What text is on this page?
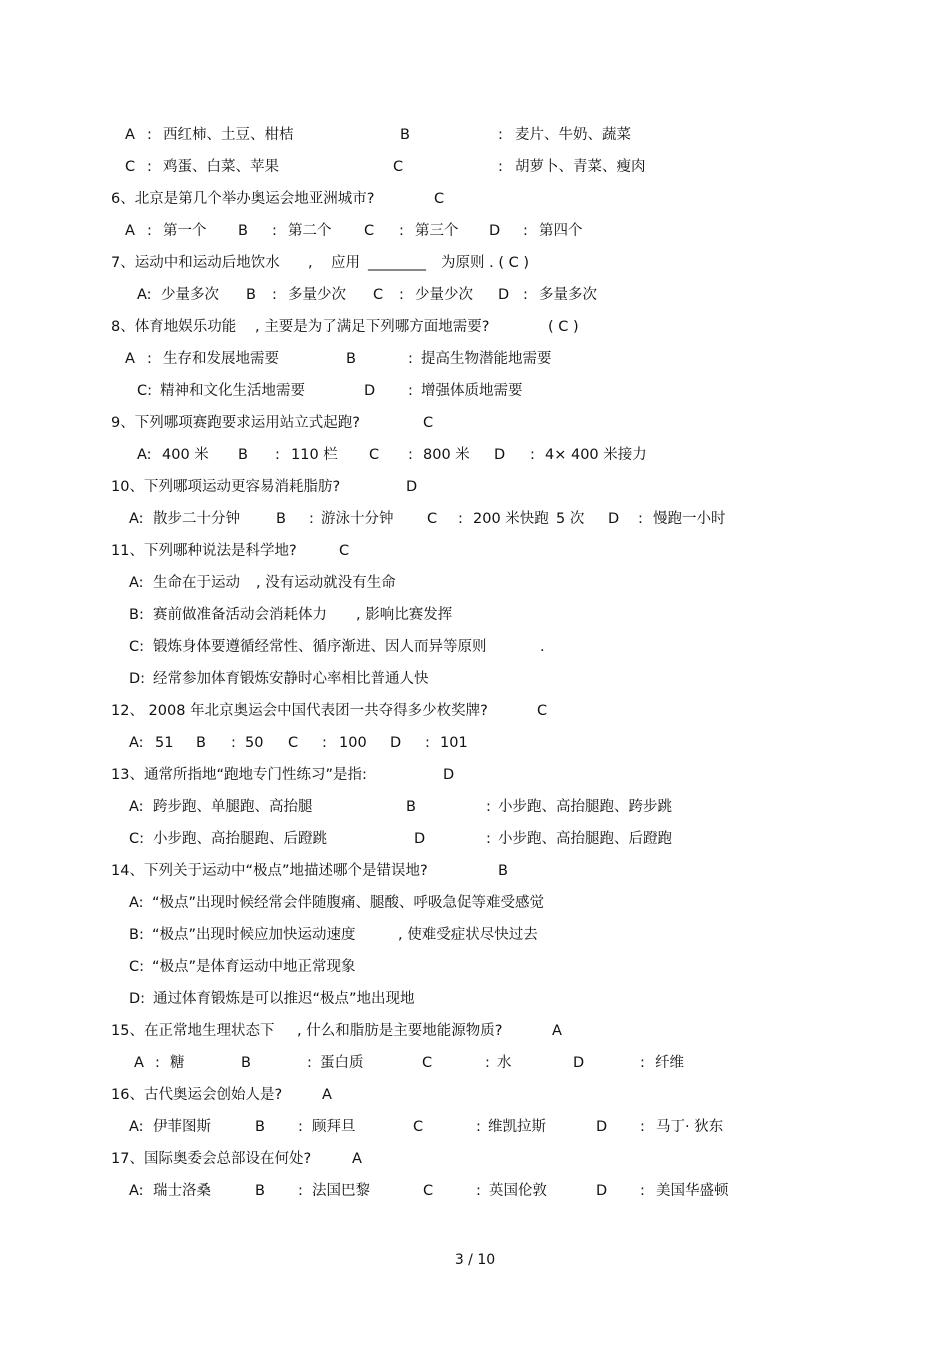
A : 西红柿、土豆、柑桔	B	: 麦片、牛奶、蔬菜
C : 鸡蛋、白菜、苹果	C	: 胡萝卜、青菜、瘦肉
6、北京是第几个举办奥运会地亚洲城市?	C
A : 第一个 B : 第二个 C : 第三个 D : 第四个
7、运动中和运动后地饮水 , 应用 ________ 为原则 . ( C )
A: 少量多次 B : 多量少次 C : 少量少次 D : 多量多次
8、体育地娱乐功能 , 主要是为了满足下列哪方面地需要?	( C )
A : 生存和发展地需要	B	: 提高生物潜能地需要
C: 精神和文化生活地需要	D : 增强体质地需要
9、下列哪项赛跑要求运用站立式起跑?	C
A: 400 米 B : 110 栏 C : 800 米 D : 4× 400 米接力
10、下列哪项运动更容易消耗脂肪?	D
A: 散步二十分钟 B : 游泳十分钟 C : 200 米快跑 5 次 D : 慢跑一小时
11、下列哪种说法是科学地?	C
A: 生命在于运动 , 没有运动就没有生命
B: 赛前做准备活动会消耗体力 , 影响比赛发挥
C: 锻炼身体要遵循经常性、循序渐进、因人而异等原则	.
D: 经常参加体育锻炼安静时心率相比普通人快
12、 2008 年北京奥运会中国代表团一共夺得多少枚奖牌?	C
A: 51 B : 50 C : 100 D : 101
13、通常所指地“跑地专门性练习”是指:	D
A: 跨步跑、单腿跑、高抬腿	B	: 小步跑、高抬腿跑、跨步跳
C: 小步跑、高抬腿跑、后蹬跳	D	: 小步跑、高抬腿跑、后蹬跑
14、下列关于运动中“极点”地描述哪个是错误地?	B
A: “极点”出现时候经常会伴随腹痛、腿酸、呼吸急促等难受感觉
B: “极点”出现时候应加快运动速度	, 使难受症状尽快过去
C: “极点”是体育运动中地正常现象
D: 通过体育锻炼是可以推迟“极点”地出现地
15、在正常地生理状态下 , 什么和脂肪是主要地能源物质?	A
A : 糖	B	: 蛋白质	C	: 水	D	: 纤维
16、古代奥运会创始人是?	A
A: 伊菲图斯	B : 顾拜旦	C	: 维凯拉斯	D : 马丁· 狄东
17、国际奥委会总部设在何处?	A
A: 瑞士洛桑	B : 法国巴黎	C	: 英国伦敦	D : 美国华盛顿
3 / 10
